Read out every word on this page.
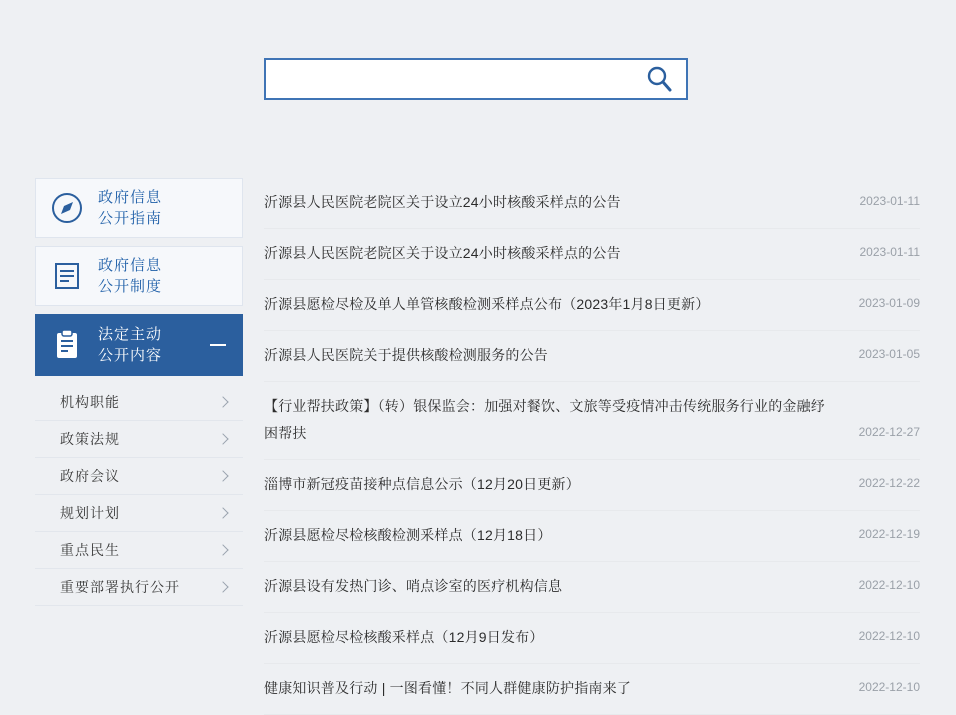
政府信息
公开指南
政府信息
公开制度
法定主动
公开内容
机构职能
政策法规
政府会议
规划计划
重点民生
重要部署执行公开
沂源县人民医院老院区关于设立24小时核酸采样点的公告	2023-01-11
沂源县人民医院老院区关于设立24小时核酸采样点的公告	2023-01-11
沂源县愿检尽检及单人单管核酸检测釆样点公布（2023年1月8日更新）	2023-01-09
沂源县人民医院关于提供核酸检测服务的公告	2023-01-05
【行业帮扶政策】（转）银保监会：加强对餐饮、文旅等受疫情冲击传统服务行业的金融纾困帮扶	2022-12-27
淄博市新冠疫苗接种点信息公示（12月20日更新）	2022-12-22
沂源县愿检尽检核酸检测釆样点（12月18日）	2022-12-19
沂源县设有发热门诊、哨点诊室的医疗机构信息	2022-12-10
沂源县愿检尽检核酸釆样点（12月9日发布）	2022-12-10
健康知识普及行动 | 一图看懂！不同人群健康防护指南来了	2022-12-10
